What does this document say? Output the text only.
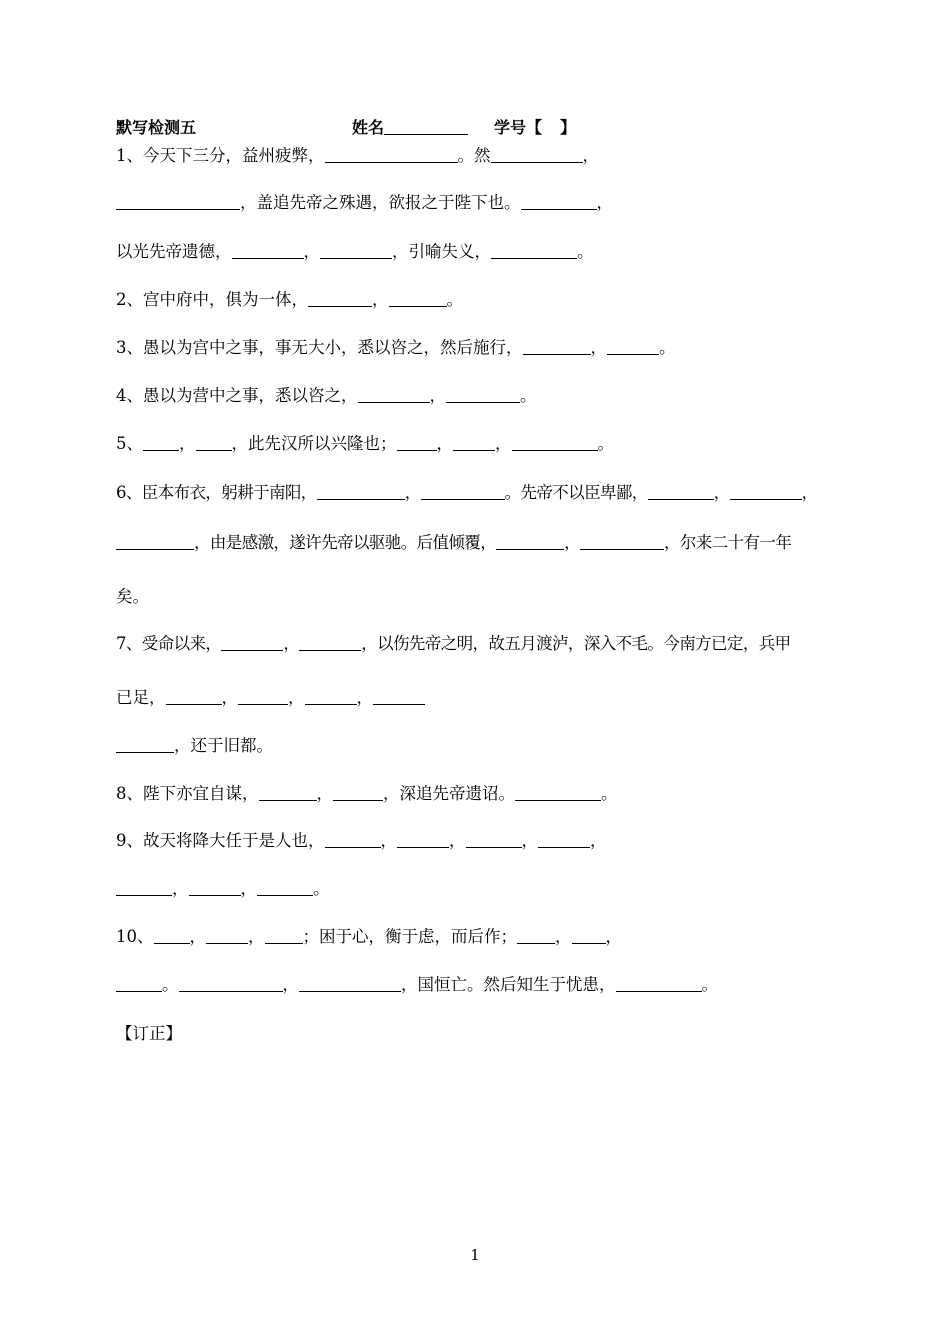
默写检测五	姓名	学号【 】
1、今天下三分，益州疲弊，	。然	，
，盖追先帝之殊遇，欲报之于陛下也。	，
以光先帝遗德，	，	，引喻失义，	。
2、宫中府中，俱为一体，	，	。
3、愚以为宫中之事，事无大小，悉以咨之，然后施行，	，	。
4、愚以为营中之事，悉以咨之，	，	。
5、 ， ，此先汉所以兴隆也； ，	，	。
6、臣本布衣，躬耕于南阳，	，	。先帝不以臣卑鄙，	，	，
，由是感激，遂许先帝以驱驰。后值倾覆，	，	，尔来二十有一年
矣。
7、受命以来，	，	，以伤先帝之明，故五月渡泸，深入不毛。今南方已定，兵甲
已足，	，	，	，
，还于旧都。
8、陛下亦宜自谋，	，	，深追先帝遗诏。	。
9、故天将降大任于是人也，	，	，	，	，
，	，	。
10、 ，	， ；困于心，衡于虑，而后作； ， ，
。	，	，国恒亡。然后知生于忧患，	。
【订正】
1
